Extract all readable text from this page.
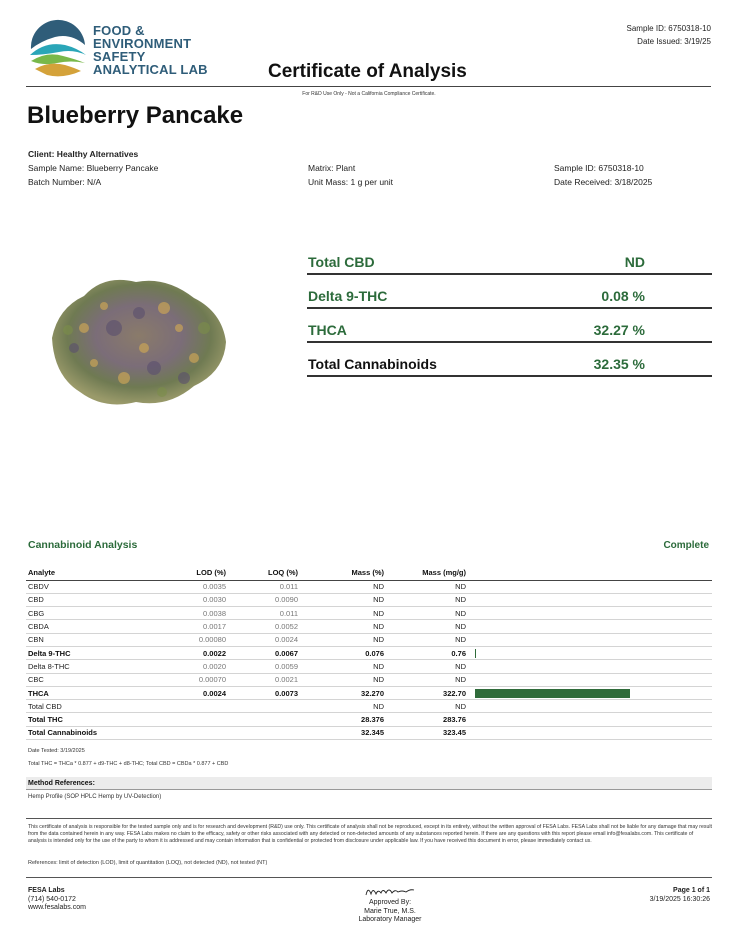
FOOD &
ENVIRONMENT
SAFETY
ANALYTICAL LAB	Certificate of Analysis
Sample ID: 6750318-10
Date Issued: 3/19/25
For R&D Use Only - Not a California Compliance Certificate.
Blueberry Pancake
Client: Healthy Alternatives
Sample Name: Blueberry Pancake
Batch Number: N/A
Matrix: Plant
Unit Mass: 1 g per unit
Sample ID: 6750318-10
Date Received: 3/18/2025
Total CBD	ND
Delta 9-THC	0.08 %
THCA	32.27 %
Total Cannabinoids	32.35 %
Cannabinoid Analysis	Complete
Analyte	LOD (%)	LOQ (%)	Mass (%)	Mass (mg/g)	
CBDV	0.0035	0.011	ND	ND	
CBD	0.0030	0.0090	ND	ND	
CBG	0.0038	0.011	ND	ND	
CBDA	0.0017	0.0052	ND	ND	
CBN	0.00080	0.0024	ND	ND	
Delta 9-THC	0.0022	0.0067	0.076	0.76	

Delta 8-THC	0.0020	0.0059	ND	ND	
CBC	0.00070	0.0021	ND	ND	
THCA	0.0024	0.0073	32.270	322.70	

Total CBD			ND	ND	
Total THC			28.376	283.76	
Total Cannabinoids			32.345	323.45	
Date Tested: 3/19/2025
Total THC = THCa * 0.877 + d9-THC + d8-THC; Total CBD = CBDa * 0.877 + CBD
Method References:
Hemp Profile (SOP HPLC Hemp by UV-Detection)
This certificate of analysis is responsible for the tested sample only and is for research and development (R&D) use only. This certificate of analysis shall not be reproduced, except in its entirety, without the written approval of FESA Labs. FESA Labs shall not be liable for any damage that may result from the data contained herein in any way. FESA Labs makes no claim to the efficacy, safety or other risks associated with any detected or non-detected amounts of any substances reported herein. If there are any questions with this report please email info@fesalabs.com. This certificate of analysis is intended only for the use of the party to whom it is addressed and may contain information that is confidential or protected from disclosure under applicable law. If you have received this document in error, please immediately contact us.
References: limit of detection (LOD), limit of quantitation (LOQ), not detected (ND), not tested (NT)
FESA Labs
(714) 540-0172
www.fesalabs.com
Approved By:
Marie True, M.S.
Laboratory Manager
Page 1 of 1
3/19/2025 16:30:26
